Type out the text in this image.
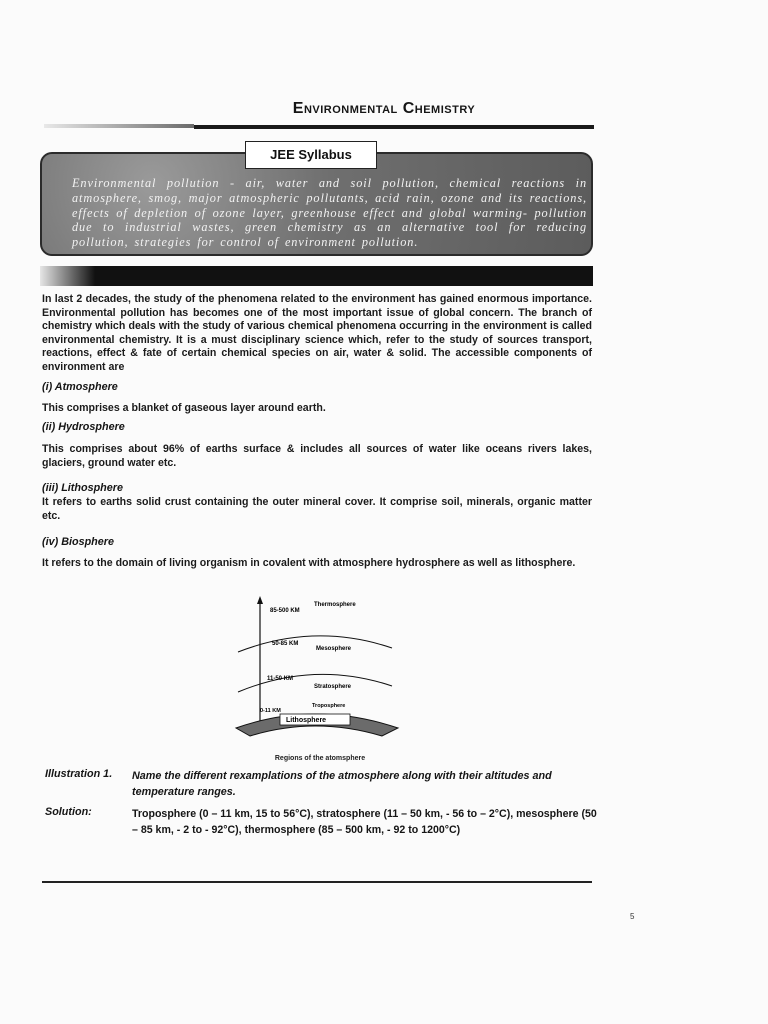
Environmental Chemistry
JEE Syllabus
Environmental pollution - air, water and soil pollution, chemical reactions in atmosphere, smog, major atmospheric pollutants, acid rain, ozone and its reactions, effects of depletion of ozone layer, greenhouse effect and global warming- pollution due to industrial wastes, green chemistry as an alternative tool for reducing pollution, strategies for control of environment pollution.
In last 2 decades, the study of the phenomena related to the environment has gained enormous importance. Environmental pollution has becomes one of the most important issue of global concern. The branch of chemistry which deals with the study of various chemical phenomena occurring in the environment is called environmental chemistry. It is a must disciplinary science which, refer to the study of sources transport, reactions, effect & fate of certain chemical species on air, water & solid. The accessible components of environment are
(i) Atmosphere
This comprises a blanket of gaseous layer around earth.
(ii) Hydrosphere
This comprises about 96% of earths surface & includes all sources of water like oceans rivers lakes, glaciers, ground water etc.
(iii) Lithosphere
It refers to earths solid crust containing the outer mineral cover. It comprise soil, minerals, organic matter etc.
(iv) Biosphere
It refers to the domain of living organism in covalent with atmosphere hydrosphere as well as lithosphere.
Lithosphere
85-500 KM
Thermosphere
50-85 KM
Mesosphere
11-50 KM
Stratosphere
0-11 KM
Troposphere
Regions of the atomsphere
Illustration 1. Name the different rexamplations of the atmosphere along with their altitudes and temperature ranges.
Solution:	Troposphere (0 – 11 km, 15 to 56°C), stratosphere (11 – 50 km, - 56 to – 2°C), mesosphere (50 – 85 km, - 2 to - 92°C), thermosphere (85 – 500 km, - 92 to 1200°C)
5
